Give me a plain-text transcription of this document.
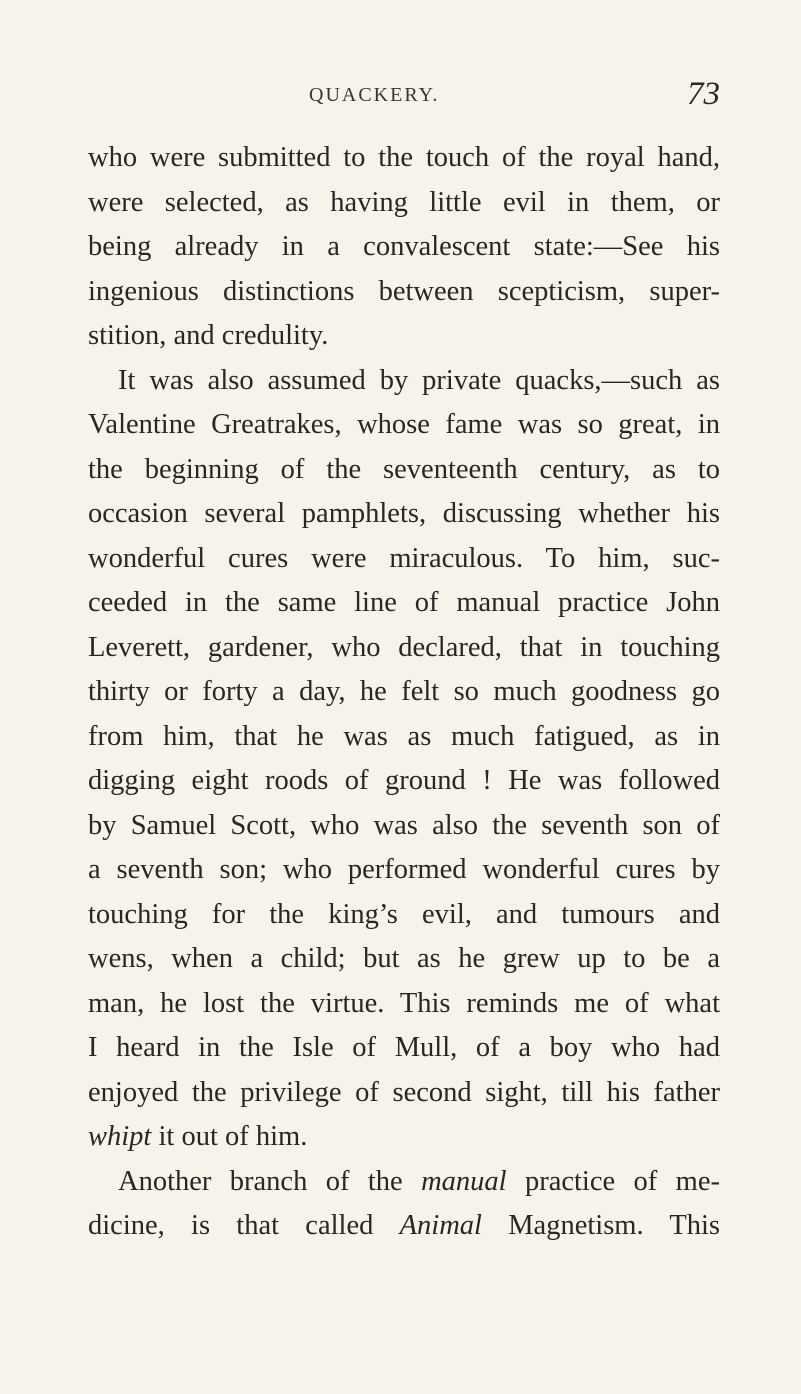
QUACKERY.	73
who were submitted to the touch of the royal hand,
were selected, as having little evil in them, or
being already in a convalescent state:—See his
ingenious distinctions between scepticism, super-
stition, and credulity.
It was also assumed by private quacks,—such as
Valentine Greatrakes, whose fame was so great, in
the beginning of the seventeenth century, as to
occasion several pamphlets, discussing whether his
wonderful cures were miraculous. To him, suc-
ceeded in the same line of manual practice John
Leverett, gardener, who declared, that in touching
thirty or forty a day, he felt so much goodness go
from him, that he was as much fatigued, as in
digging eight roods of ground ! He was followed
by Samuel Scott, who was also the seventh son of
a seventh son; who performed wonderful cures by
touching for the king’s evil, and tumours and
wens, when a child; but as he grew up to be a
man, he lost the virtue. This reminds me of what
I heard in the Isle of Mull, of a boy who had
enjoyed the privilege of second sight, till his father
whipt it out of him.
Another branch of the manual practice of me-
dicine, is that called Animal Magnetism. This
